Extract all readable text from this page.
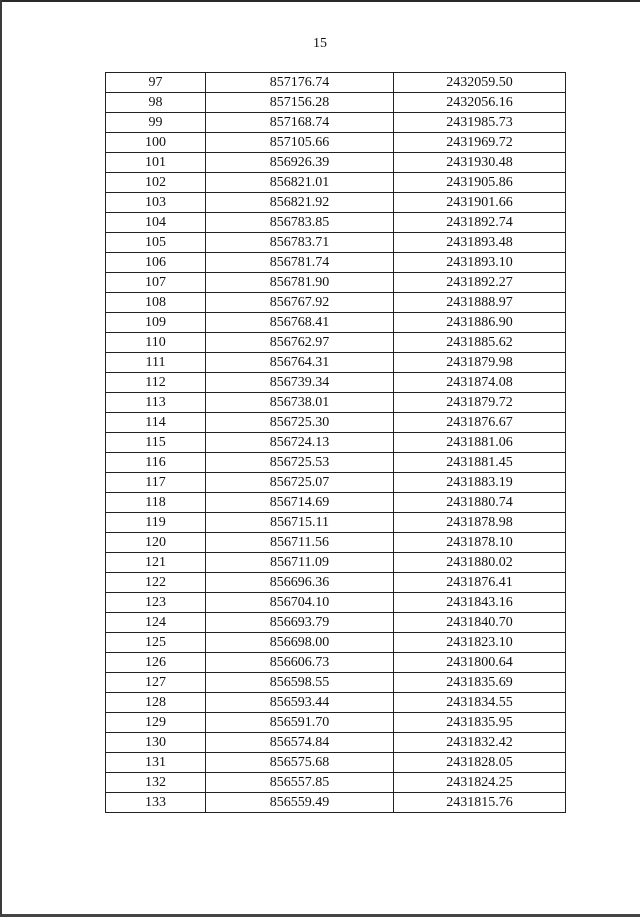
15
97	857176.74	2432059.50
98	857156.28	2432056.16
99	857168.74	2431985.73
100	857105.66	2431969.72
101	856926.39	2431930.48
102	856821.01	2431905.86
103	856821.92	2431901.66
104	856783.85	2431892.74
105	856783.71	2431893.48
106	856781.74	2431893.10
107	856781.90	2431892.27
108	856767.92	2431888.97
109	856768.41	2431886.90
110	856762.97	2431885.62
111	856764.31	2431879.98
112	856739.34	2431874.08
113	856738.01	2431879.72
114	856725.30	2431876.67
115	856724.13	2431881.06
116	856725.53	2431881.45
117	856725.07	2431883.19
118	856714.69	2431880.74
119	856715.11	2431878.98
120	856711.56	2431878.10
121	856711.09	2431880.02
122	856696.36	2431876.41
123	856704.10	2431843.16
124	856693.79	2431840.70
125	856698.00	2431823.10
126	856606.73	2431800.64
127	856598.55	2431835.69
128	856593.44	2431834.55
129	856591.70	2431835.95
130	856574.84	2431832.42
131	856575.68	2431828.05
132	856557.85	2431824.25
133	856559.49	2431815.76
